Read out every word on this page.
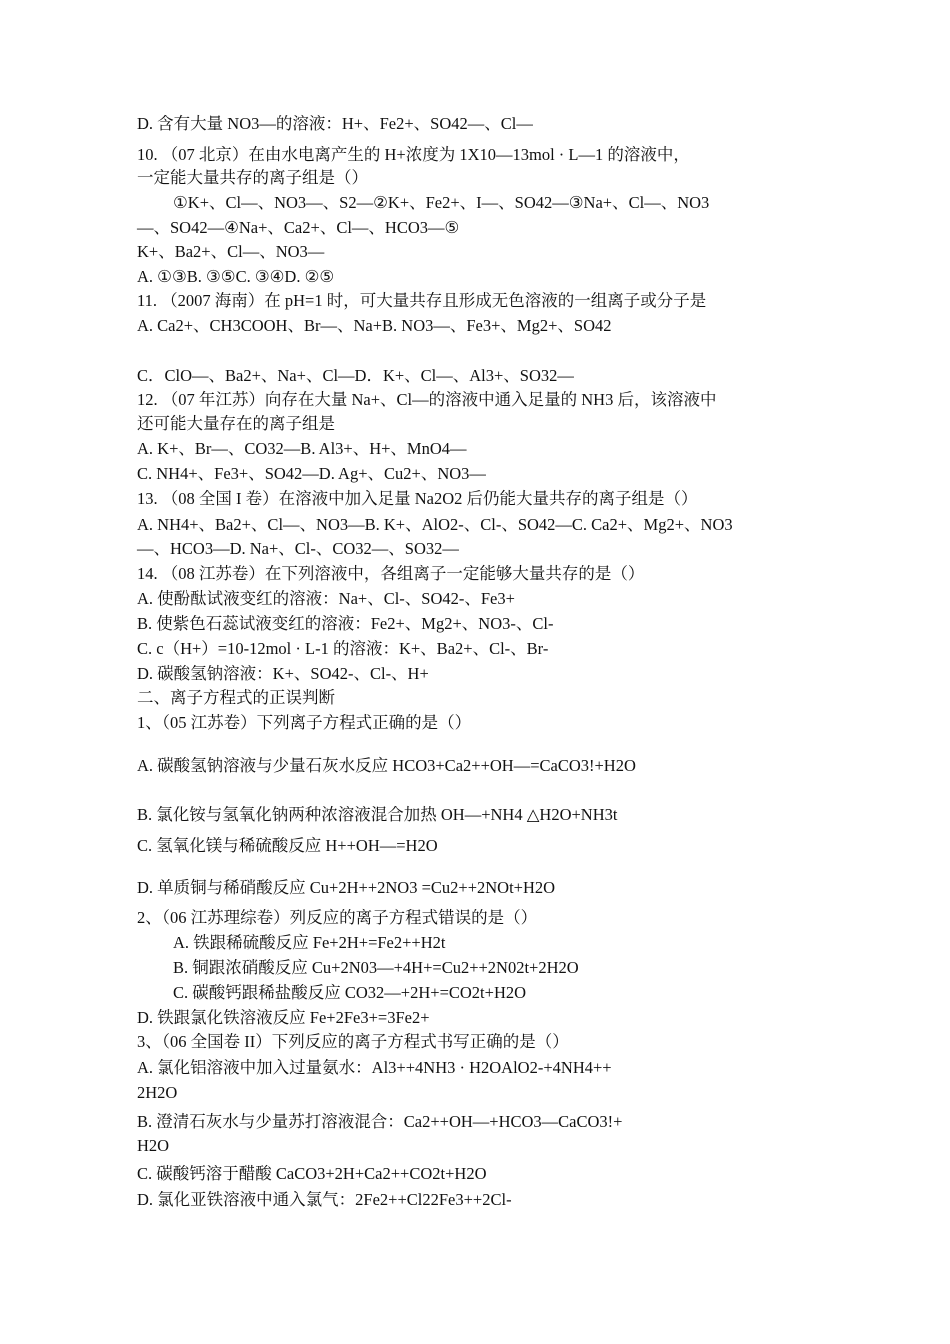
D. 含有大量 NO3—的溶液：H+、Fe2+、SO42—、Cl—
10. （07 北京）在由水电离产生的 H+浓度为 1X10—13mol · L—1 的溶液中，
一定能大量共存的离子组是（）
①K+、Cl—、NO3—、S2—②K+、Fe2+、I—、SO42—③Na+、Cl—、NO3
—、SO42—④Na+、Ca2+、Cl—、HCO3—⑤
K+、Ba2+、Cl—、NO3—
A. ①③B. ③⑤C. ③④D. ②⑤
11. （2007 海南）在 pH=1 时，可大量共存且形成无色溶液的一组离子或分子是
A. Ca2+、CH3COOH、Br—、Na+B. NO3—、Fe3+、Mg2+、SO42
C．ClO—、Ba2+、Na+、Cl—D．K+、Cl—、Al3+、SO32—
12. （07 年江苏）向存在大量 Na+、Cl—的溶液中通入足量的 NH3 后，该溶液中
还可能大量存在的离子组是
A. K+、Br—、CO32—B. Al3+、H+、MnO4—
C. NH4+、Fe3+、SO42—D. Ag+、Cu2+、NO3—
13. （08 全国 I 卷）在溶液中加入足量 Na2O2 后仍能大量共存的离子组是（）
A. NH4+、Ba2+、Cl—、NO3—B. K+、AlO2-、Cl-、SO42—C. Ca2+、Mg2+、NO3
—、HCO3—D. Na+、Cl-、CO32—、SO32—
14. （08 江苏卷）在下列溶液中，各组离子一定能够大量共存的是（）
A. 使酚酞试液变红的溶液：Na+、Cl-、SO42-、Fe3+
B. 使紫色石蕊试液变红的溶液：Fe2+、Mg2+、NO3-、Cl-
C. c（H+）=10-12mol · L-1 的溶液：K+、Ba2+、Cl-、Br-
D. 碳酸氢钠溶液：K+、SO42-、Cl-、H+
二、离子方程式的正误判断
1、（05 江苏卷）下列离子方程式正确的是（）
A. 碳酸氢钠溶液与少量石灰水反应 HCO3+Ca2++OH—=CaCO3!+H2O
B. 氯化铵与氢氧化钠两种浓溶液混合加热 OH—+NH4 △H2O+NH3t
C. 氢氧化镁与稀硫酸反应 H++OH—=H2O
D. 单质铜与稀硝酸反应 Cu+2H++2NO3 =Cu2++2NOt+H2O
2、（06 江苏理综卷）列反应的离子方程式错误的是（）
A. 铁跟稀硫酸反应 Fe+2H+=Fe2++H2t
B. 铜跟浓硝酸反应 Cu+2N03—+4H+=Cu2++2N02t+2H2O
C. 碳酸钙跟稀盐酸反应 CO32—+2H+=CO2t+H2O
D. 铁跟氯化铁溶液反应 Fe+2Fe3+=3Fe2+
3、（06 全国卷 II）下列反应的离子方程式书写正确的是（）
A. 氯化铝溶液中加入过量氨水：Al3++4NH3 · H2OAlO2-+4NH4++
2H2O
B. 澄清石灰水与少量苏打溶液混合：Ca2++OH—+HCO3—CaCO3!+
H2O
C. 碳酸钙溶于醋酸 CaCO3+2H+Ca2++CO2t+H2O
D. 氯化亚铁溶液中通入氯气：2Fe2++Cl22Fe3++2Cl-
